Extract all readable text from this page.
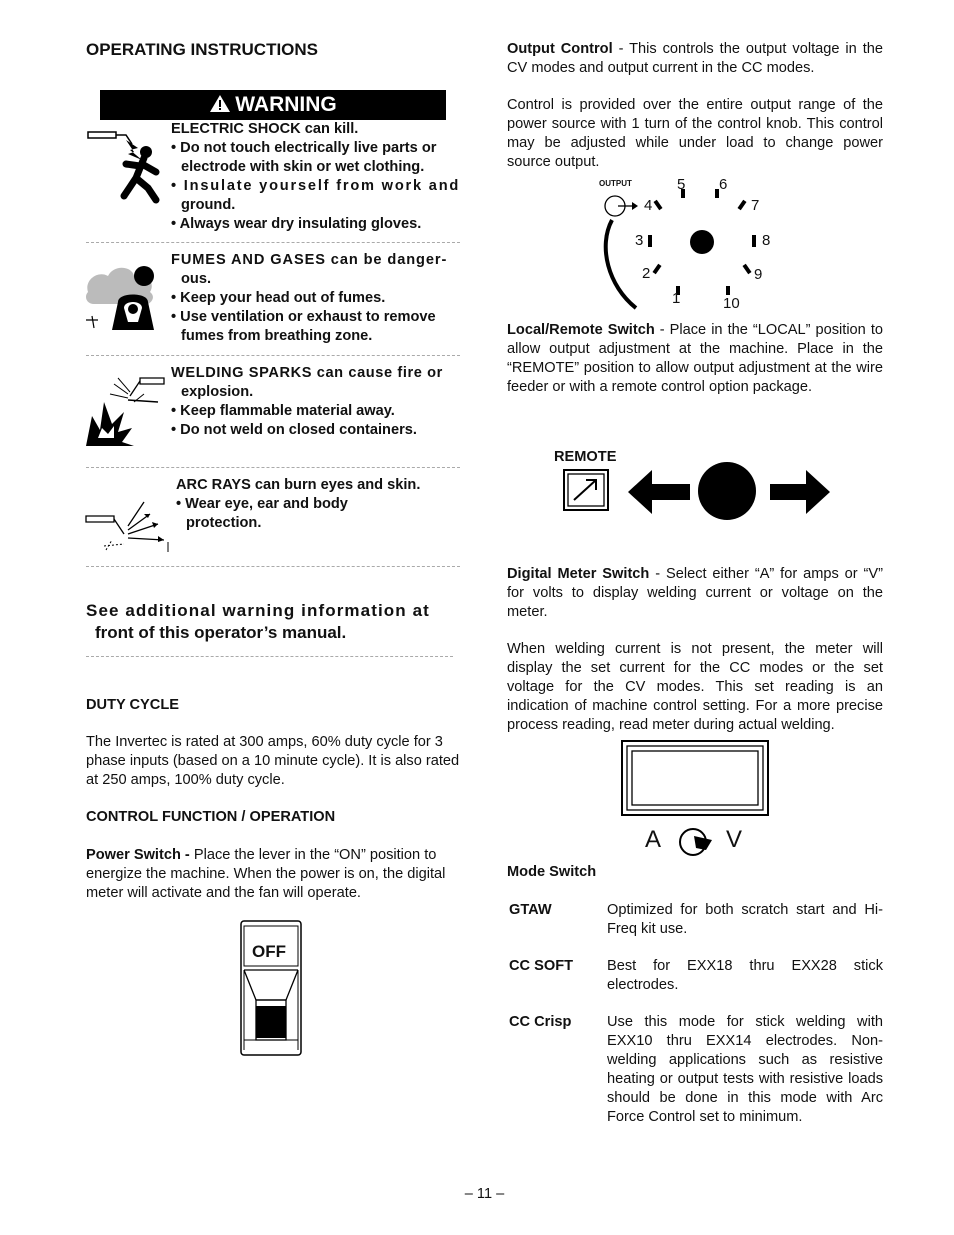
OPERATING INSTRUCTIONS
WARNING
ELECTRIC SHOCK can kill.
• Do not touch electrically live parts or
electrode with skin or wet clothing.
• Insulate yourself from work and
ground.
• Always wear dry insulating gloves.
FUMES AND GASES can be danger-
ous.
• Keep your head out of fumes.
• Use ventilation or exhaust to remove
fumes from breathing zone.
WELDING SPARKS can cause fire or
explosion.
• Keep flammable material away.
• Do not weld on closed containers.
ARC RAYS can burn eyes and skin.
• Wear eye, ear and body
protection.
See additional warning information at
front of this operator’s manual.
DUTY CYCLE
The Invertec is rated at 300 amps, 60% duty cycle for 3 phase inputs (based on a 10 minute cycle). It is also rated at 250 amps, 100% duty cycle.
CONTROL FUNCTION / OPERATION
Power Switch - Place the lever in the “ON” position to energize the machine. When the power is on, the digital meter will activate and the fan will operate.
OFF
Output Control - This controls the output voltage in the CV modes and output current in the CC modes.
Control is provided over the entire output range of the power source with 1 turn of the control knob. This control may be adjusted while under load to change power source output.
OUTPUT
1
2
3
4
5 6
7
8
9
10
Local/Remote Switch - Place in the “LOCAL” position to allow output adjustment at the machine. Place in the “REMOTE” position to allow output adjustment at the wire feeder or with a remote control option package.
REMOTE
Digital Meter Switch - Select either “A” for amps or “V” for volts to display welding current or voltage on the meter.
When welding current is not present, the meter will display the set current for the CC modes or the set voltage for the CV modes. This set reading is an indication of machine control setting. For a more precise process reading, read meter during actual welding.
A	V
Mode Switch
GTAW	Optimized for both scratch start and Hi-Freq kit use.
CC SOFT Best for EXX18 thru EXX28 stick electrodes.
CC Crisp Use this mode for stick welding with EXX10 thru EXX14 electrodes. Non-welding applications such as resistive heating or output tests with resistive loads should be done in this mode with Arc Force Control set to minimum.
– 11 –
